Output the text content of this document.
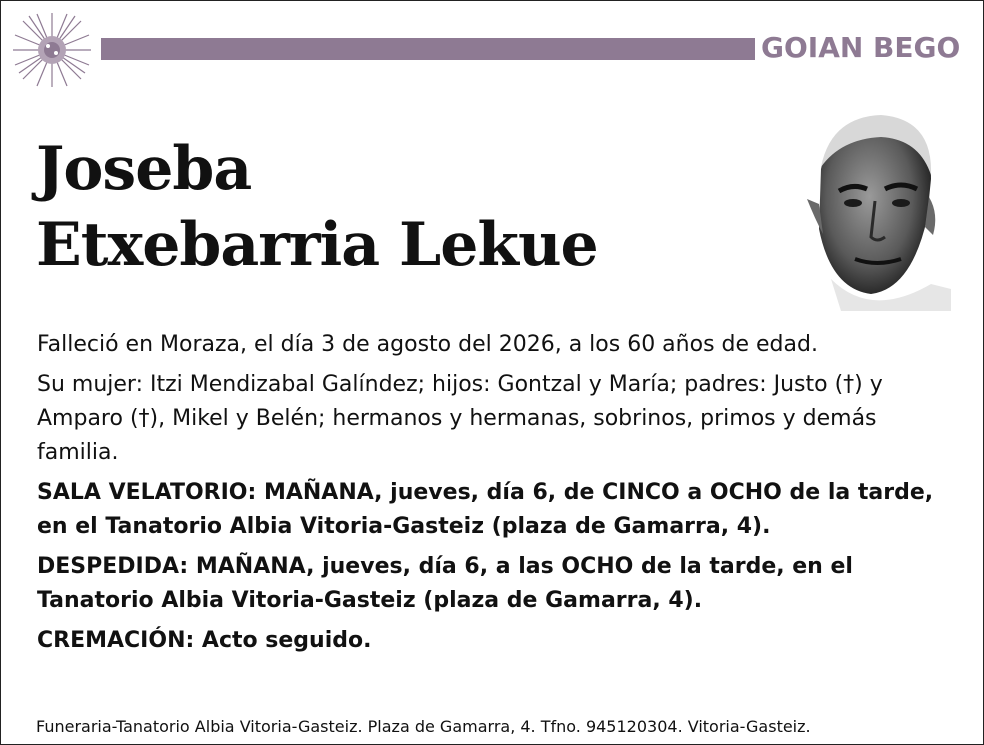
GOIAN BEGO
Joseba
Etxebarria Lekue

Falleció en Moraza, el día 3 de agosto del 2026, a los 60 años de edad.

Su mujer: Itzi Mendizabal Galíndez; hijos: Gontzal y María; padres: Justo (†) y Amparo (†), Mikel y Belén; hermanos y hermanas, sobrinos, primos y demás familia.

SALA VELATORIO: MAÑANA, jueves, día 6, de CINCO a OCHO de la tarde, en el Tanatorio Albia Vitoria-Gasteiz (plaza de Gamarra, 4).

DESPEDIDA: MAÑANA, jueves, día 6, a las OCHO de la tarde, en el Tanatorio Albia Vitoria-Gasteiz (plaza de Gamarra, 4).

CREMACIÓN: Acto seguido.

Funeraria-Tanatorio Albia Vitoria-Gasteiz. Plaza de Gamarra, 4. Tfno. 945120304. Vitoria-Gasteiz.
